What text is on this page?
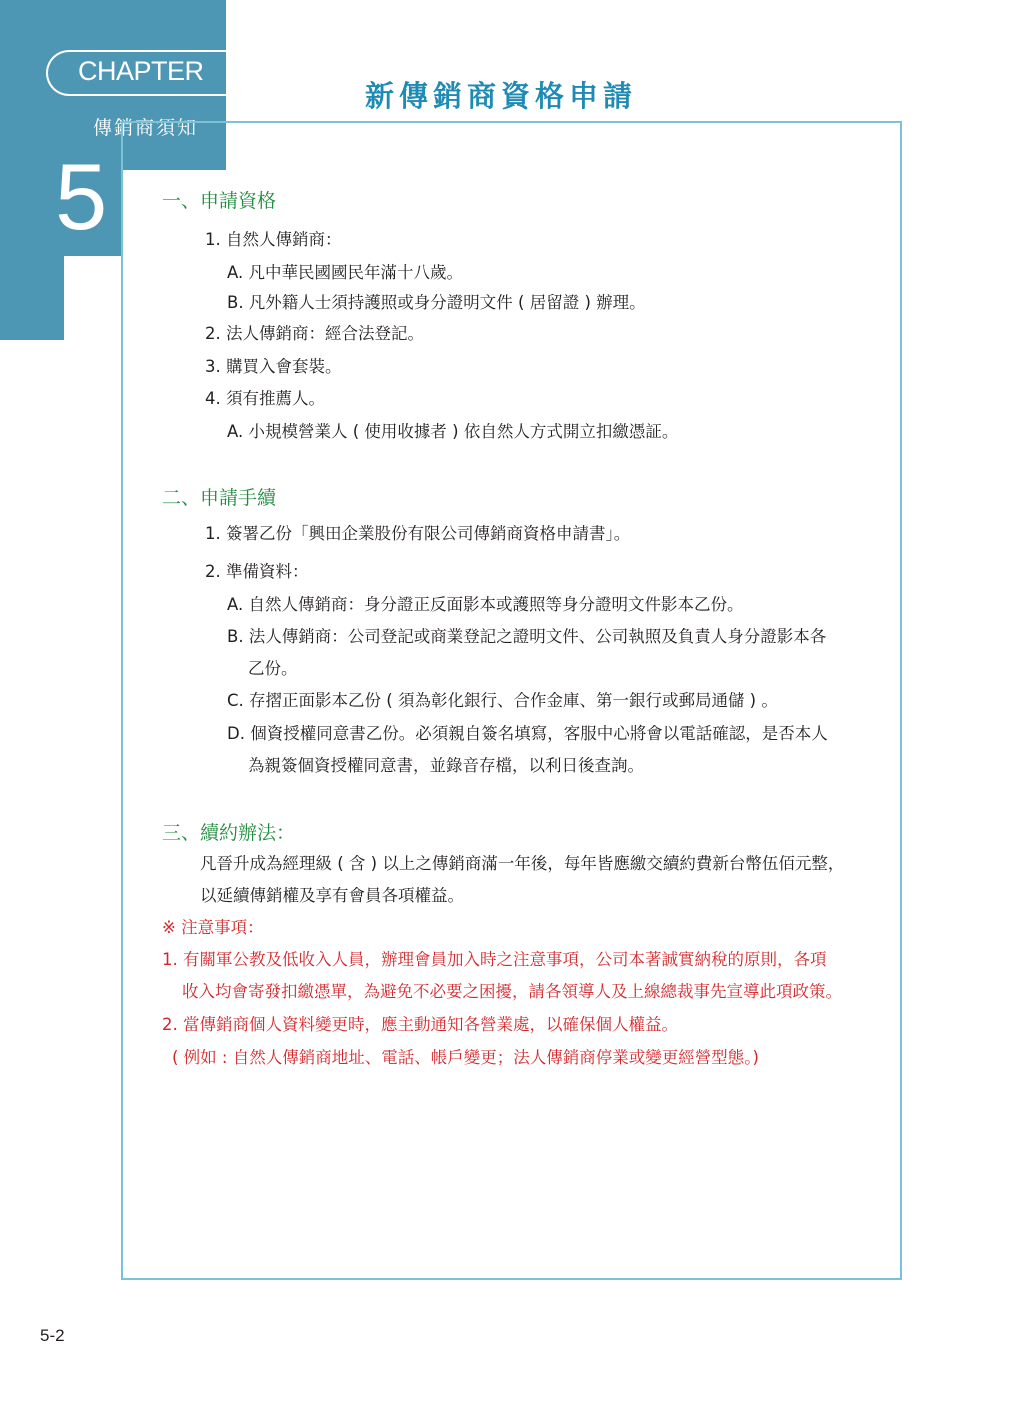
CHAPTER
傳銷商須知
5
新傳銷商資格申請
一、申請資格
1. 自然人傳銷商：
A. 凡中華民國國民年滿十八歲。
B. 凡外籍人士須持護照或身分證明文件 ( 居留證 ) 辦理。
2. 法人傳銷商：經合法登記。
3. 購買入會套裝。
4. 須有推薦人。
A. 小規模營業人 ( 使用收據者 ) 依自然人方式開立扣繳憑証。
二、申請手續
1. 簽署乙份「興田企業股份有限公司傳銷商資格申請書」。
2. 準備資料：
A. 自然人傳銷商：身分證正反面影本或護照等身分證明文件影本乙份。
B. 法人傳銷商：公司登記或商業登記之證明文件、公司執照及負責人身分證影本各
乙份。
C. 存摺正面影本乙份 ( 須為彰化銀行、合作金庫、第一銀行或郵局通儲 ) 。
D. 個資授權同意書乙份。必須親自簽名填寫，客服中心將會以電話確認，是否本人
為親簽個資授權同意書，並錄音存檔，以利日後查詢。
三、續約辦法：
凡晉升成為經理級 ( 含 ) 以上之傳銷商滿一年後，每年皆應繳交續約費新台幣伍佰元整，
以延續傳銷權及享有會員各項權益。
※ 注意事項：
1. 有關軍公教及低收入人員，辦理會員加入時之注意事項，公司本著誠實納稅的原則，各項
收入均會寄發扣繳憑單，為避免不必要之困擾，請各領導人及上線總裁事先宣導此項政策。
2. 當傳銷商個人資料變更時，應主動通知各營業處，以確保個人權益。
( 例如 : 自然人傳銷商地址、電話、帳戶變更；法人傳銷商停業或變更經營型態。)
5-2
